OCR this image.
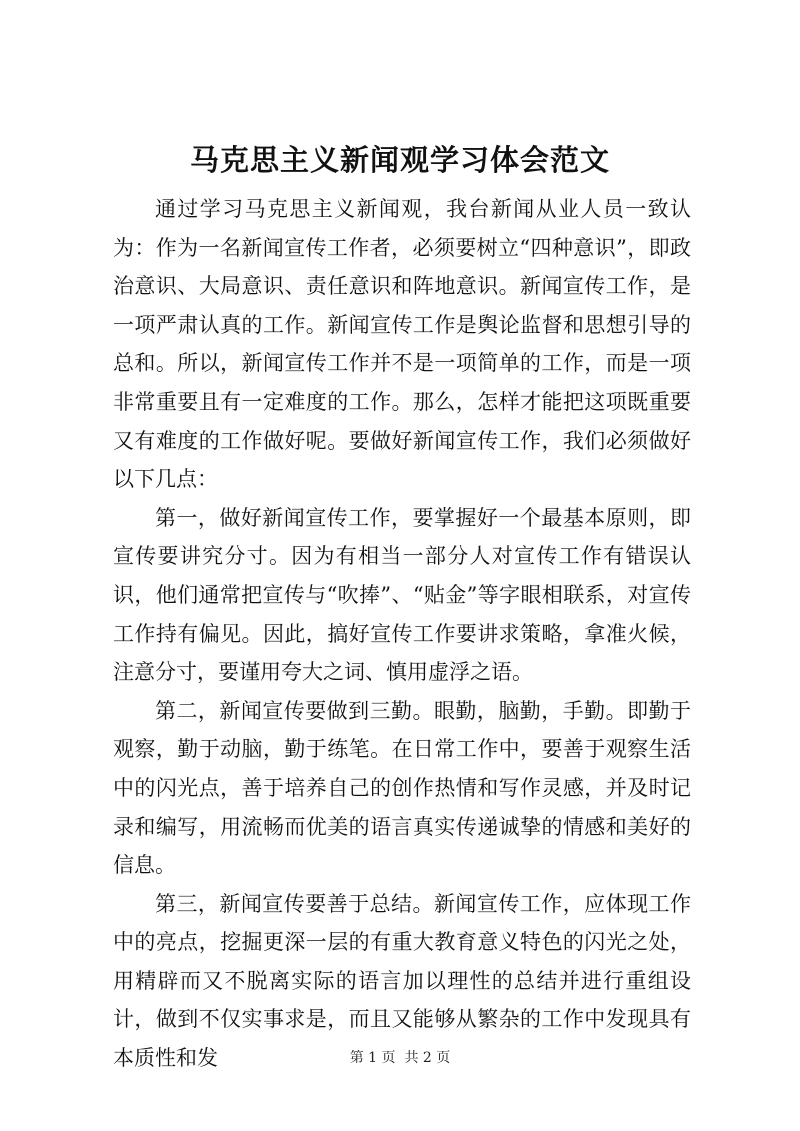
马克思主义新闻观学习体会范文

通过学习马克思主义新闻观，我台新闻从业人员一致认为：作为一名新闻宣传工作者，必须要树立“四种意识”，即政治意识、大局意识、责任意识和阵地意识。新闻宣传工作，是一项严肃认真的工作。新闻宣传工作是舆论监督和思想引导的总和。所以，新闻宣传工作并不是一项简单的工作，而是一项非常重要且有一定难度的工作。那么，怎样才能把这项既重要又有难度的工作做好呢。要做好新闻宣传工作，我们必须做好以下几点：

第一，做好新闻宣传工作，要掌握好一个最基本原则，即宣传要讲究分寸。因为有相当一部分人对宣传工作有错误认识，他们通常把宣传与“吹捧”、“贴金”等字眼相联系，对宣传工作持有偏见。因此，搞好宣传工作要讲求策略，拿准火候，注意分寸，要谨用夸大之词、慎用虚浮之语。

第二，新闻宣传要做到三勤。眼勤，脑勤，手勤。即勤于观察，勤于动脑，勤于练笔。在日常工作中，要善于观察生活中的闪光点，善于培养自己的创作热情和写作灵感，并及时记录和编写，用流畅而优美的语言真实传递诚挚的情感和美好的信息。

第三，新闻宣传要善于总结。新闻宣传工作，应体现工作中的亮点，挖掘更深一层的有重大教育意义特色的闪光之处，用精辟而又不脱离实际的语言加以理性的总结并进行重组设计，做到不仅实事求是，而且又能够从繁杂的工作中发现具有本质性和发	第 1 页 共 2 页
